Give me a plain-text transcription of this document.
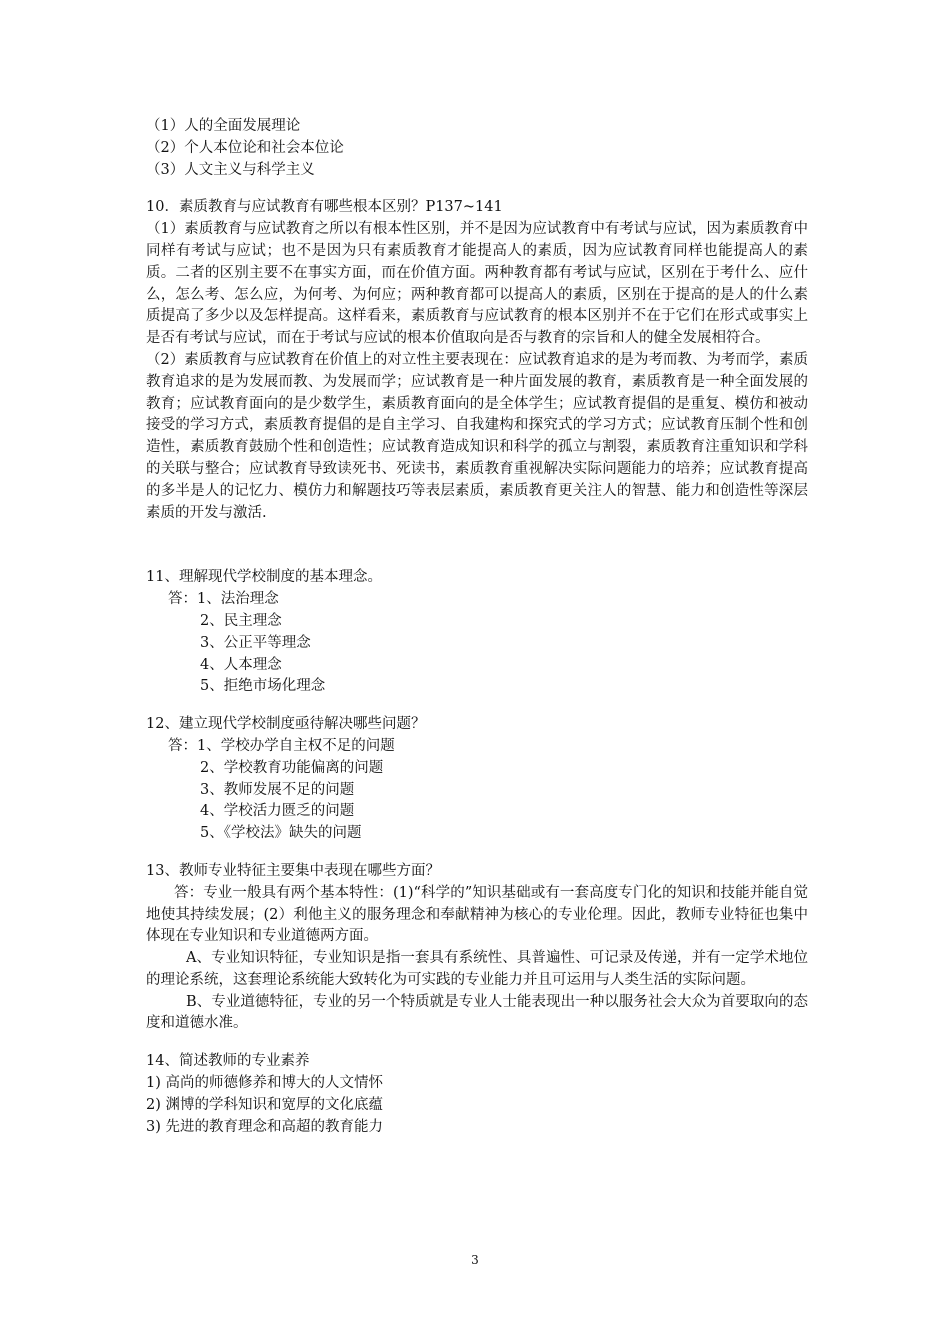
（1）人的全面发展理论
（2）个人本位论和社会本位论
（3）人文主义与科学主义
10．素质教育与应试教育有哪些根本区别？P137~141
（1）素质教育与应试教育之所以有根本性区别，并不是因为应试教育中有考试与应试，因为素质教育中同样有考试与应试；也不是因为只有素质教育才能提高人的素质，因为应试教育同样也能提高人的素质。二者的区别主要不在事实方面，而在价值方面。两种教育都有考试与应试，区别在于考什么、应什么，怎么考、怎么应，为何考、为何应；两种教育都可以提高人的素质，区别在于提高的是人的什么素质提高了多少以及怎样提高。这样看来，素质教育与应试教育的根本区别并不在于它们在形式或事实上是否有考试与应试，而在于考试与应试的根本价值取向是否与教育的宗旨和人的健全发展相符合。
（2）素质教育与应试教育在价值上的对立性主要表现在：应试教育追求的是为考而教、为考而学，素质教育追求的是为发展而教、为发展而学；应试教育是一种片面发展的教育，素质教育是一种全面发展的教育；应试教育面向的是少数学生，素质教育面向的是全体学生；应试教育提倡的是重复、模仿和被动接受的学习方式，素质教育提倡的是自主学习、自我建构和探究式的学习方式；应试教育压制个性和创造性，素质教育鼓励个性和创造性；应试教育造成知识和科学的孤立与割裂，素质教育注重知识和学科的关联与整合；应试教育导致读死书、死读书，素质教育重视解决实际问题能力的培养；应试教育提高的多半是人的记忆力、模仿力和解题技巧等表层素质，素质教育更关注人的智慧、能力和创造性等深层素质的开发与激活.
11、理解现代学校制度的基本理念。
答：1、法治理念
2、民主理念
3、公正平等理念
4、人本理念
5、拒绝市场化理念
12、建立现代学校制度亟待解决哪些问题？
答：1、学校办学自主权不足的问题
2、学校教育功能偏离的问题
3、教师发展不足的问题
4、学校活力匮乏的问题
5、《学校法》缺失的问题
13、教师专业特征主要集中表现在哪些方面？
答：专业一般具有两个基本特性：(1)“科学的”知识基础或有一套高度专门化的知识和技能并能自觉地使其持续发展；(2）利他主义的服务理念和奉献精神为核心的专业伦理。因此，教师专业特征也集中体现在专业知识和专业道德两方面。
A、专业知识特征，专业知识是指一套具有系统性、具普遍性、可记录及传递，并有一定学术地位的理论系统，这套理论系统能大致转化为可实践的专业能力并且可运用与人类生活的实际问题。
B、专业道德特征，专业的另一个特质就是专业人士能表现出一种以服务社会大众为首要取向的态度和道德水准。
14、简述教师的专业素养
1) 高尚的师德修养和博大的人文情怀
2) 渊博的学科知识和宽厚的文化底蕴
3) 先进的教育理念和高超的教育能力
3
